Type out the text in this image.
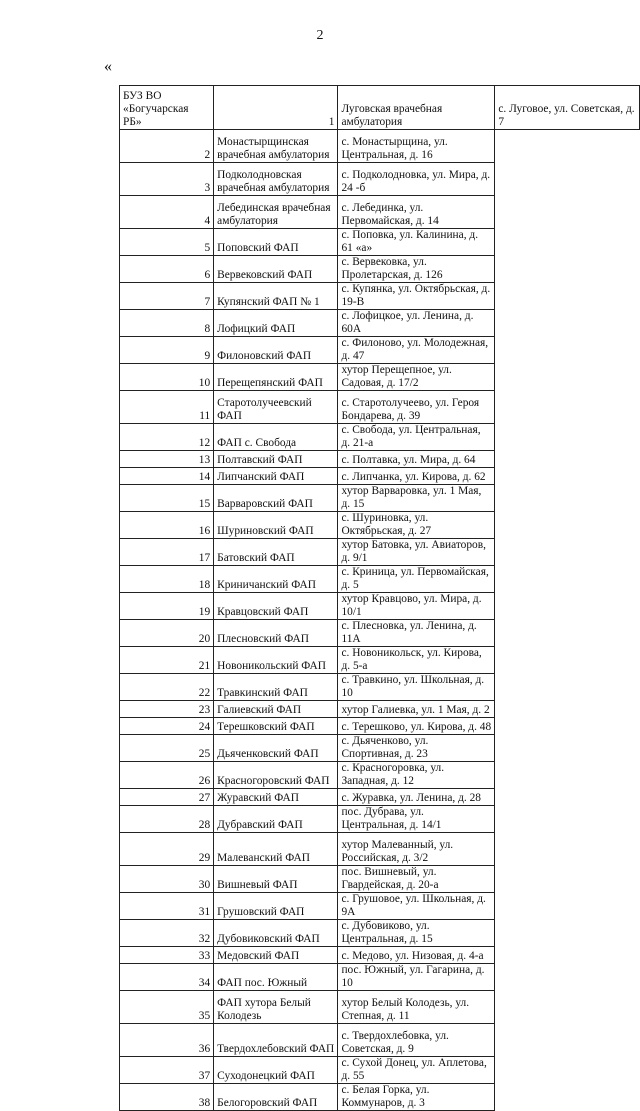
2
«
БУЗ ВО
«Богучарская
РБ»	1	Луговская врачебная амбулатория	с. Луговое, ул. Советская, д. 7
2	Монастырщинская врачебная амбулатория	с. Монастырщина, ул. Центральная, д. 16	
3	Подколодновская врачебная амбулатория	с. Подколодновка, ул. Мира, д. 24 -б	
4	Лебединская врачебная амбулатория	с. Лебединка, ул. Первомайская, д. 14	
5	Поповский ФАП	с. Поповка, ул. Калинина, д. 61 «а»	
6	Вервековский ФАП	с. Вервековка, ул. Пролетарская, д. 126	
7	Купянский ФАП № 1	с. Купянка, ул. Октябрьская, д. 19-В	
8	Лофицкий ФАП	с. Лофицкое, ул. Ленина, д. 60А	
9	Филоновский ФАП	с. Филоново, ул. Молодежная, д. 47	
10	Перещепянский ФАП	хутор Перещепное, ул. Садовая, д. 17/2	
11	Старотолучеевский ФАП	с. Старотолучеево, ул. Героя Бондарева, д. 39	
12	ФАП с. Свобода	с. Свобода, ул. Центральная, д. 21-а	
13	Полтавский ФАП	с. Полтавка, ул. Мира, д. 64	
14	Липчанский ФАП	с. Липчанка, ул. Кирова, д. 62	
15	Варваровский ФАП	хутор Варваровка, ул. 1 Мая, д. 15	
16	Шуриновский ФАП	с. Шуриновка, ул. Октябрьская, д. 27	
17	Батовский ФАП	хутор Батовка, ул. Авиаторов, д. 9/1	
18	Криничанский ФАП	с. Криница, ул. Первомайская, д. 5	
19	Кравцовский ФАП	хутор Кравцово, ул. Мира, д. 10/1	
20	Плесновский ФАП	с. Плесновка, ул. Ленина, д. 11А	
21	Новоникольский ФАП	с. Новоникольск, ул. Кирова, д. 5-а	
22	Травкинский ФАП	с. Травкино, ул. Школьная, д. 10	
23	Галиевский ФАП	хутор Галиевка, ул. 1 Мая, д. 2	
24	Терешковский ФАП	с. Терешково, ул. Кирова, д. 48	
25	Дьяченковский ФАП	с. Дьяченково, ул. Спортивная, д. 23	
26	Красногоровский ФАП	с. Красногоровка, ул. Западная, д. 12	
27	Журавский ФАП	с. Журавка, ул. Ленина, д. 28	
28	Дубравский ФАП	пос. Дубрава, ул. Центральная, д. 14/1	
29	Малеванский ФАП	хутор Малеванный, ул. Российская, д. 3/2	
30	Вишневый ФАП	пос. Вишневый, ул. Гвардейская, д. 20-а	
31	Грушовский ФАП	с. Грушовое, ул. Школьная, д. 9А	
32	Дубовиковский ФАП	с. Дубовиково, ул. Центральная, д. 15	
33	Медовский ФАП	с. Медово, ул. Низовая, д. 4-а	
34	ФАП пос. Южный	пос. Южный, ул. Гагарина, д. 10	
35	ФАП хутора Белый Колодезь	хутор Белый Колодезь, ул. Степная, д. 11	
36	Твердохлебовский ФАП	с. Твердохлебовка, ул. Советская, д. 9	
37	Суходонецкий ФАП	с. Сухой Донец, ул. Аплетова, д. 55	
38	Белогоровский ФАП	с. Белая Горка, ул. Коммунаров, д. 3	
